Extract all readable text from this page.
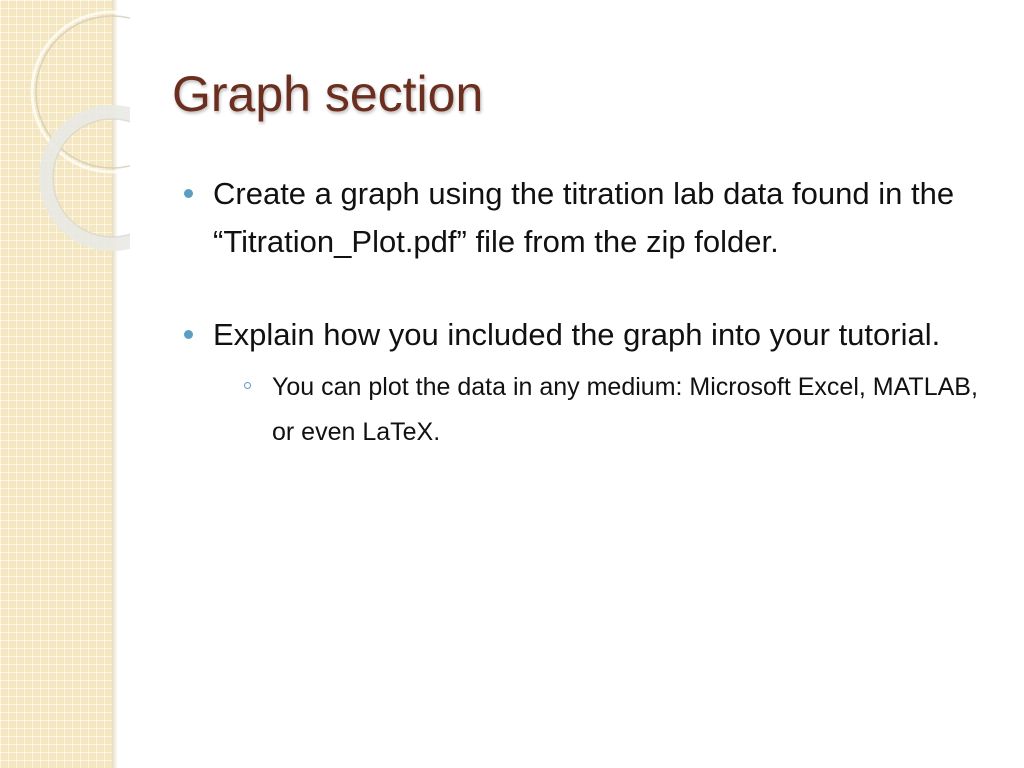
Graph section
Create a graph using the titration lab data found in the “Titration_Plot.pdf” file from the zip folder.
Explain how you included the graph into your tutorial.
You can plot the data in any medium: Microsoft Excel, MATLAB, or even LaTeX.
